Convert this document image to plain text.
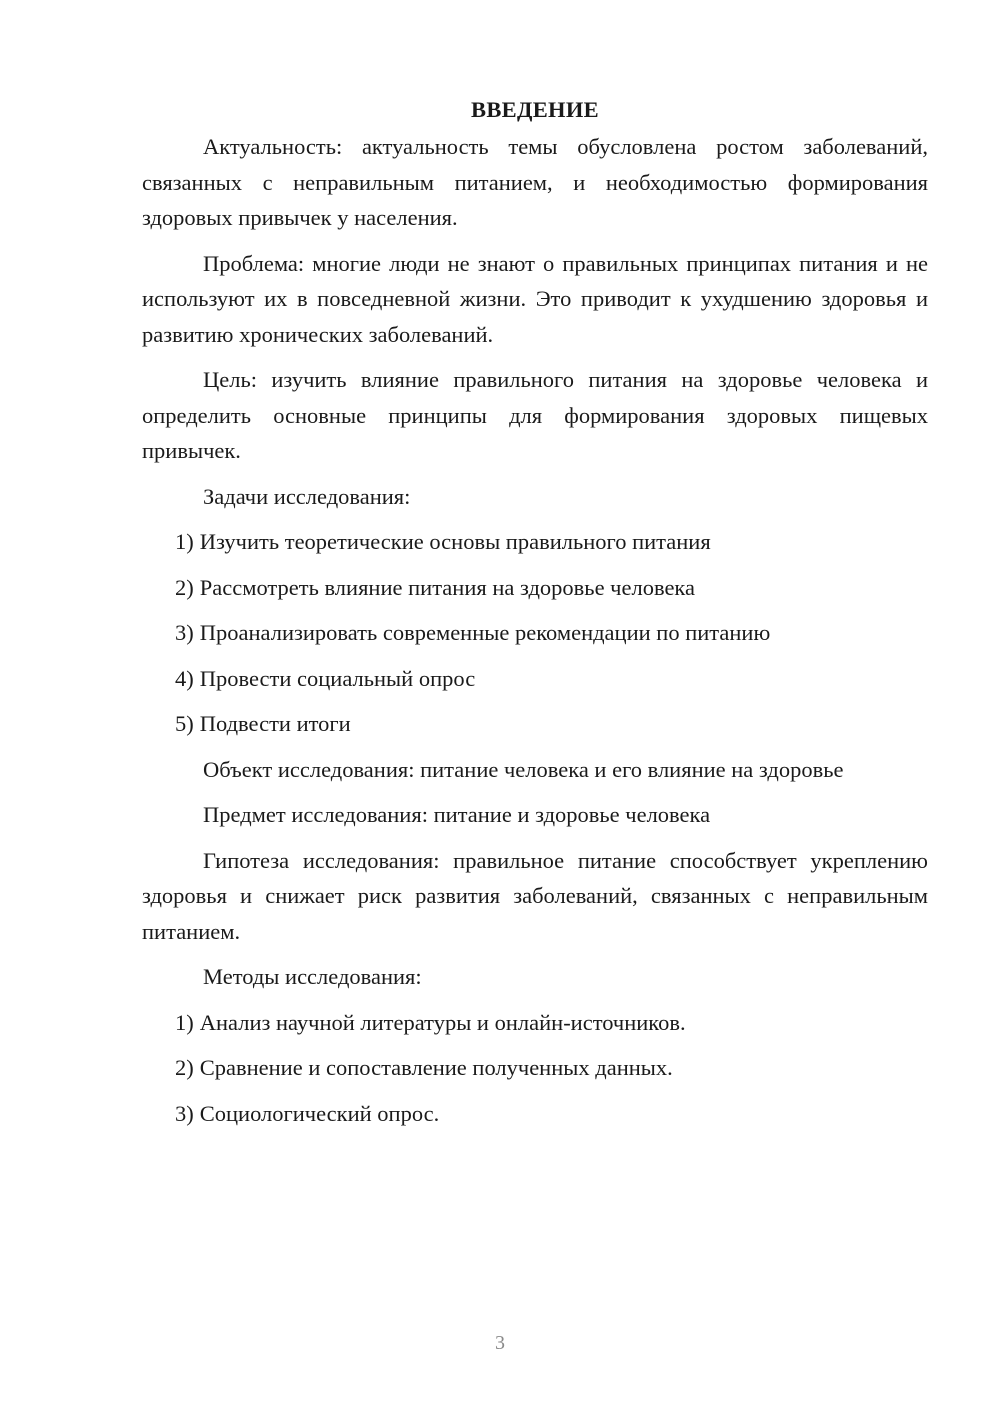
ВВЕДЕНИЕ

Актуальность: актуальность темы обусловлена ростом заболеваний, связанных с неправильным питанием, и необходимостью формирования здоровых привычек у населения.

Проблема: многие люди не знают о правильных принципах питания и не используют их в повседневной жизни. Это приводит к ухудшению здоровья и развитию хронических заболеваний.

Цель: изучить влияние правильного питания на здоровье человека и определить основные принципы для формирования здоровых пищевых привычек.

Задачи исследования:

1) Изучить теоретические основы правильного питания

2) Рассмотреть влияние питания на здоровье человека

3) Проанализировать современные рекомендации по питанию

4) Провести социальный опрос

5) Подвести итоги

Объект исследования: питание человека и его влияние на здоровье

Предмет исследования: питание и здоровье человека

Гипотеза исследования: правильное питание способствует укреплению здоровья и снижает риск развития заболеваний, связанных с неправильным питанием.

Методы исследования:

1) Анализ научной литературы и онлайн-источников.

2) Сравнение и сопоставление полученных данных.

3) Социологический опрос.

3
